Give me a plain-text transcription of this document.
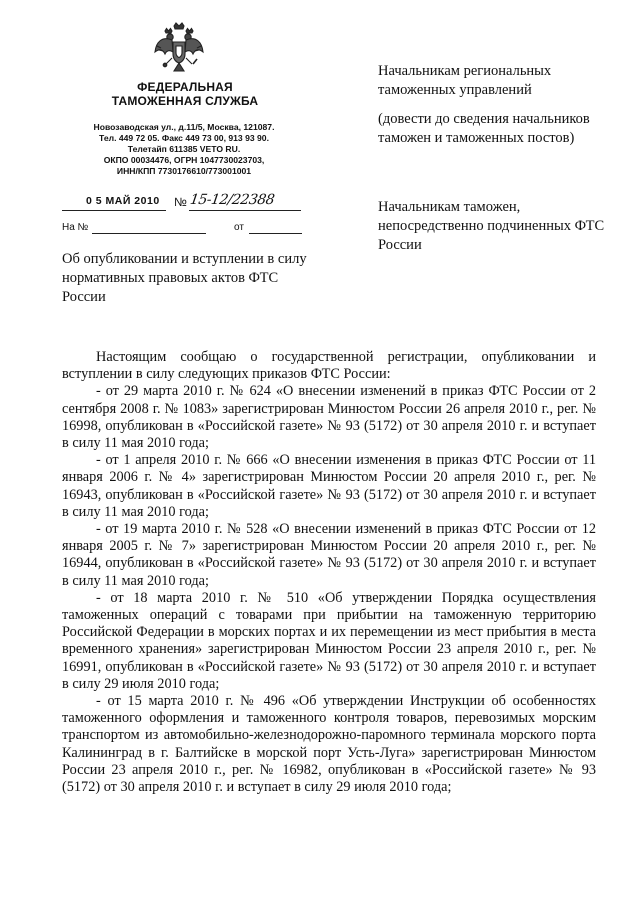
ФЕДЕРАЛЬНАЯ
ТАМОЖЕННАЯ СЛУЖБА
Новозаводская ул., д.11/5, Москва, 121087.
Тел. 449 72 05. Факс 449 73 00, 913 93 90.
Телетайп 611385 VETO RU.
ОКПО 00034476, ОГРН 1047730023703,
ИНН/КПП 7730176610/773001001
0 5 МАЙ 2010 № 15-12/22388
На №	от
Об опубликовании и вступлении в силу нормативных правовых актов ФТС России
Начальникам региональных таможенных управлений
(довести до сведения начальников таможен и таможенных постов)
Начальникам таможен, непосредственно подчиненных ФТС России

Настоящим сообщаю о государственной регистрации, опубликовании и вступлении в силу следующих приказов ФТС России:

- от 29 марта 2010 г. № 624 «О внесении изменений в приказ ФТС России от 2 сентября 2008 г. № 1083» зарегистрирован Минюстом России 26 апреля 2010 г., рег. № 16998, опубликован в «Российской газете» № 93 (5172) от 30 апреля 2010 г. и вступает в силу 11 мая 2010 года;

- от 1 апреля 2010 г. № 666 «О внесении изменения в приказ ФТС России от 11 января 2006 г. № 4» зарегистрирован Минюстом России 20 апреля 2010 г., рег. № 16943, опубликован в «Российской газете» № 93 (5172) от 30 апреля 2010 г. и вступает в силу 11 мая 2010 года;

- от 19 марта 2010 г. № 528 «О внесении изменений в приказ ФТС России от 12 января 2005 г. № 7» зарегистрирован Минюстом России 20 апреля 2010 г., рег. № 16944, опубликован в «Российской газете» № 93 (5172) от 30 апреля 2010 г. и вступает в силу 11 мая 2010 года;

- от 18 марта 2010 г. № 510 «Об утверждении Порядка осуществления таможенных операций с товарами при прибытии на таможенную территорию Российской Федерации в морских портах и их перемещении из мест прибытия в места временного хранения» зарегистрирован Минюстом России 23 апреля 2010 г., рег. № 16991, опубликован в «Российской газете» № 93 (5172) от 30 апреля 2010 г. и вступает в силу 29 июля 2010 года;

- от 15 марта 2010 г. № 496 «Об утверждении Инструкции об особенностях таможенного оформления и таможенного контроля товаров, перевозимых морским транспортом из автомобильно-железнодорожно-паромного терминала морского порта Калининград в г. Балтийске в морской порт Усть-Луга» зарегистрирован Минюстом России 23 апреля 2010 г., рег. № 16982, опубликован в «Российской газете» № 93 (5172) от 30 апреля 2010 г. и вступает в силу 29 июля 2010 года;
